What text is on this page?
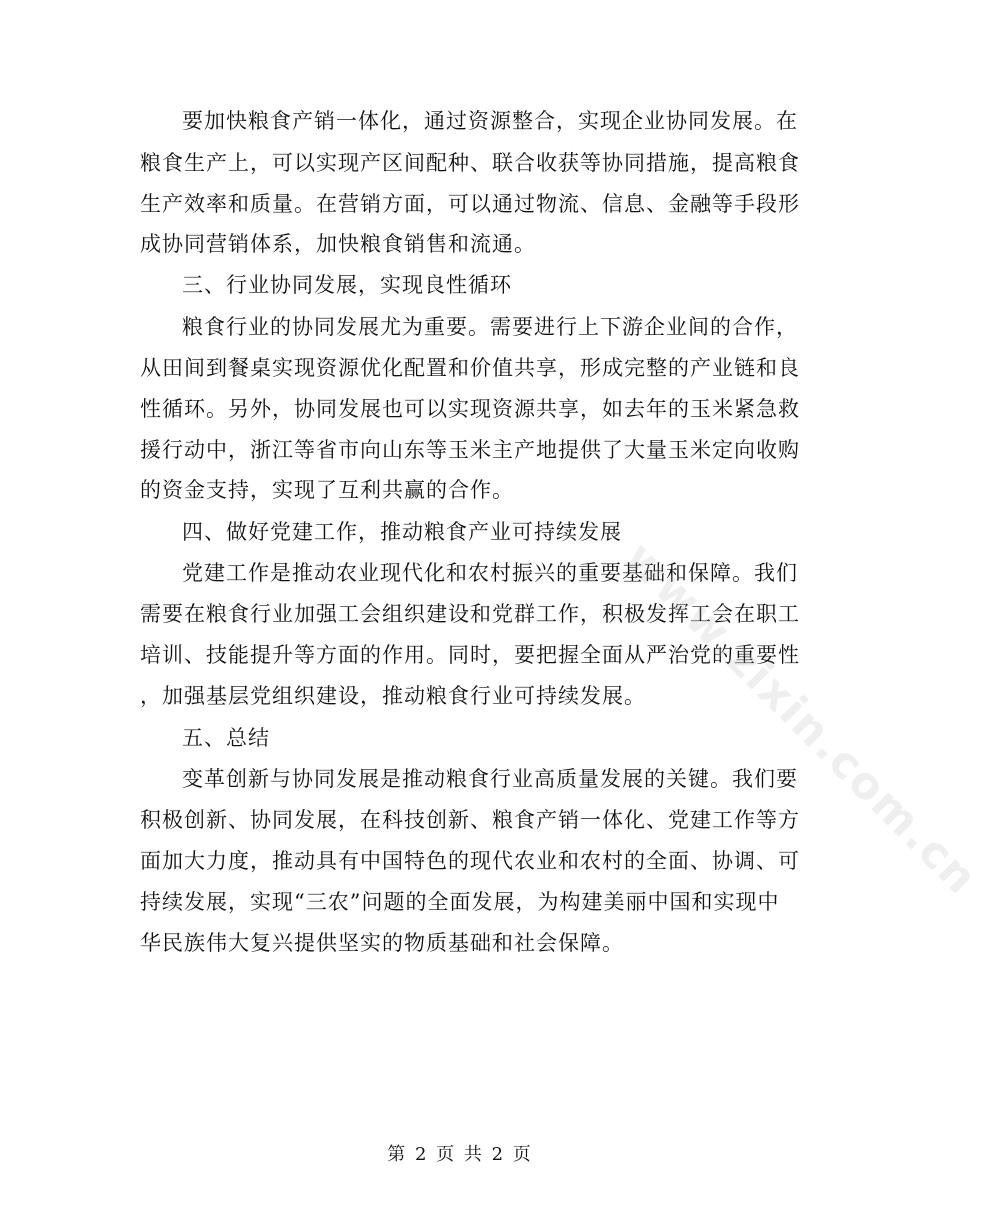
要加快粮食产销一体化，通过资源整合，实现企业协同发展。在
粮食生产上，可以实现产区间配种、联合收获等协同措施，提高粮食
生产效率和质量。在营销方面，可以通过物流、信息、金融等手段形
成协同营销体系，加快粮食销售和流通。
三、行业协同发展，实现良性循环
粮食行业的协同发展尤为重要。需要进行上下游企业间的合作，
从田间到餐桌实现资源优化配置和价值共享，形成完整的产业链和良
性循环。另外，协同发展也可以实现资源共享，如去年的玉米紧急救
援行动中，浙江等省市向山东等玉米主产地提供了大量玉米定向收购
的资金支持，实现了互利共赢的合作。
四、做好党建工作，推动粮食产业可持续发展
党建工作是推动农业现代化和农村振兴的重要基础和保障。我们
需要在粮食行业加强工会组织建设和党群工作，积极发挥工会在职工
培训、技能提升等方面的作用。同时，要把握全面从严治党的重要性
，加强基层党组织建设，推动粮食行业可持续发展。
五、总结
变革创新与协同发展是推动粮食行业高质量发展的关键。我们要
积极创新、协同发展，在科技创新、粮食产销一体化、党建工作等方
面加大力度，推动具有中国特色的现代农业和农村的全面、协调、可
持续发展，实现“三农”问题的全面发展，为构建美丽中国和实现中
华民族伟大复兴提供坚实的物质基础和社会保障。
www.zixin.com.cn
第 2 页 共 2 页
